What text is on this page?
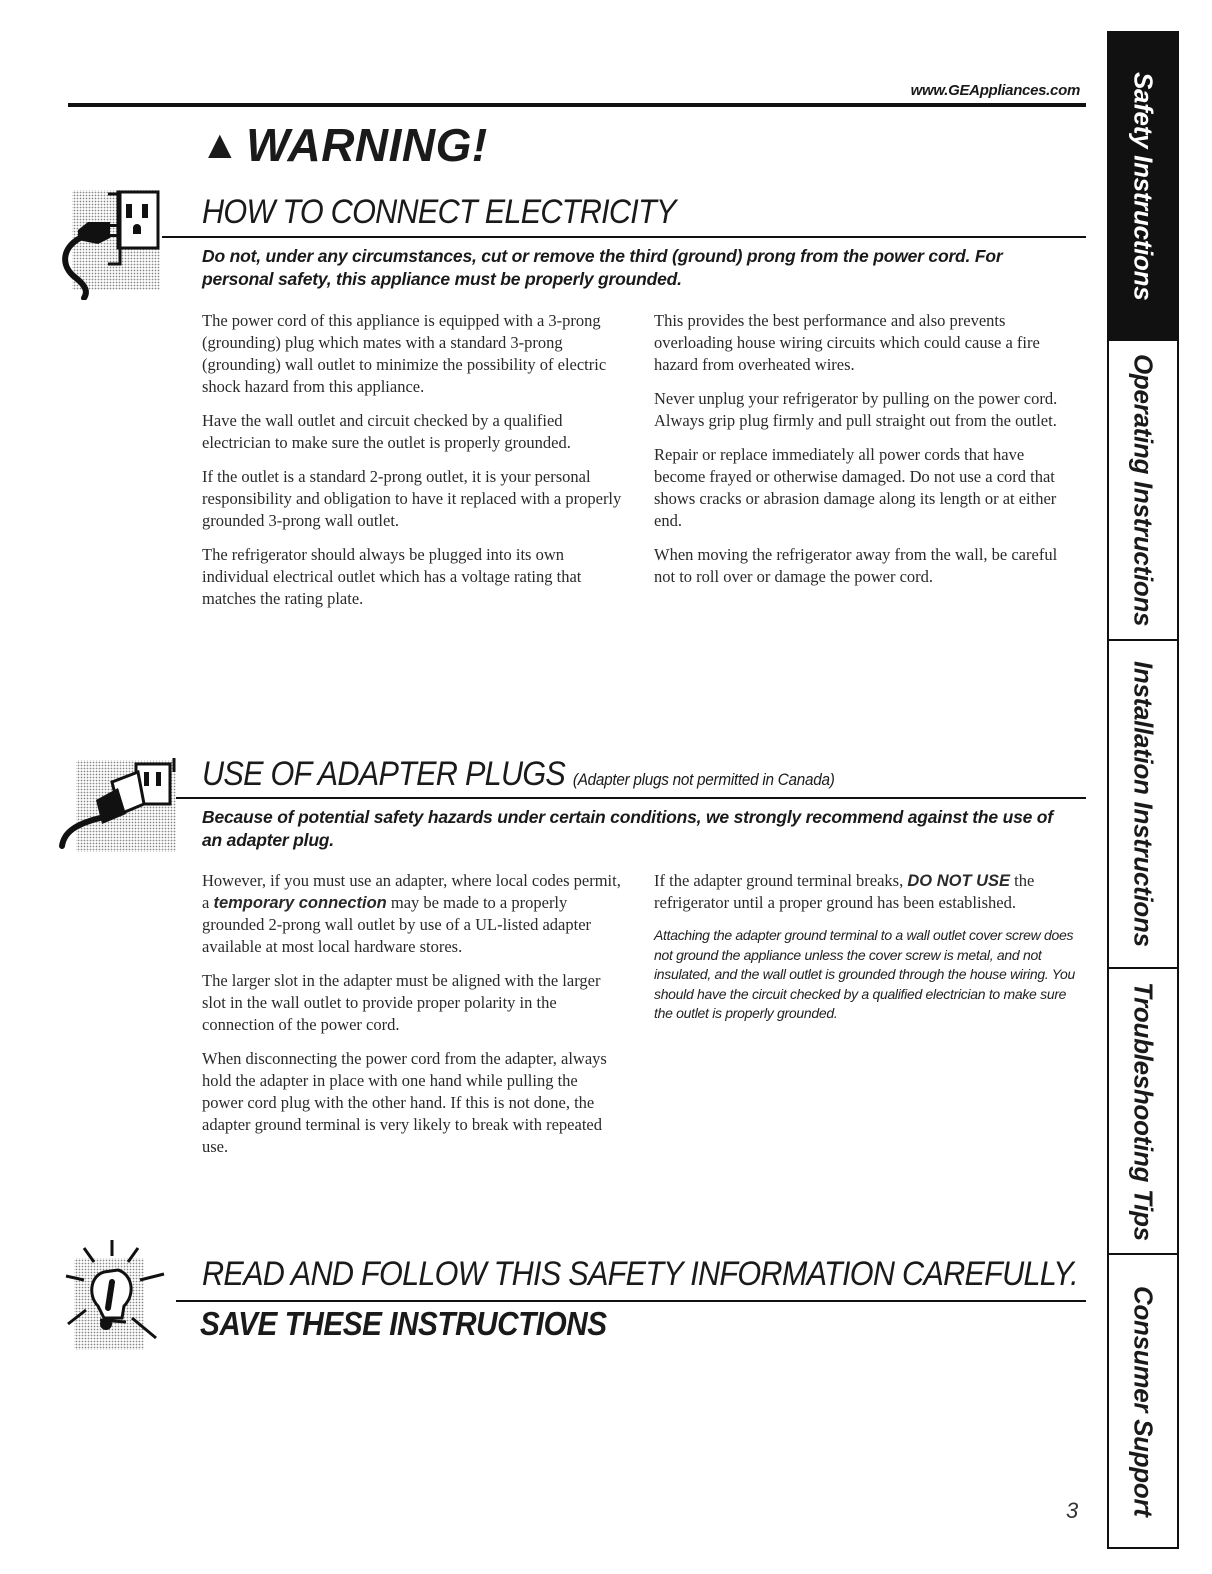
www.GEAppliances.com
▲ WARNING!
HOW TO CONNECT ELECTRICITY
Do not, under any circumstances, cut or remove the third (ground) prong from the power cord. For personal safety, this appliance must be properly grounded.

The power cord of this appliance is equipped with a 3-prong (grounding) plug which mates with a standard 3-prong (grounding) wall outlet to minimize the possibility of electric shock hazard from this appliance.

Have the wall outlet and circuit checked by a qualified electrician to make sure the outlet is properly grounded.

If the outlet is a standard 2-prong outlet, it is your personal responsibility and obligation to have it replaced with a properly grounded 3-prong wall outlet.

The refrigerator should always be plugged into its own individual electrical outlet which has a voltage rating that matches the rating plate.

This provides the best performance and also prevents overloading house wiring circuits which could cause a fire hazard from overheated wires.

Never unplug your refrigerator by pulling on the power cord. Always grip plug firmly and pull straight out from the outlet.

Repair or replace immediately all power cords that have become frayed or otherwise damaged. Do not use a cord that shows cracks or abrasion damage along its length or at either end.

When moving the refrigerator away from the wall, be careful not to roll over or damage the power cord.

USE OF ADAPTER PLUGS (Adapter plugs not permitted in Canada)
Because of potential safety hazards under certain conditions, we strongly recommend against the use of an adapter plug.

However, if you must use an adapter, where local codes permit, a temporary connection may be made to a properly grounded 2-prong wall outlet by use of a UL-listed adapter available at most local hardware stores.

The larger slot in the adapter must be aligned with the larger slot in the wall outlet to provide proper polarity in the connection of the power cord.

When disconnecting the power cord from the adapter, always hold the adapter in place with one hand while pulling the power cord plug with the other hand. If this is not done, the adapter ground terminal is very likely to break with repeated use.

If the adapter ground terminal breaks, DO NOT USE the refrigerator until a proper ground has been established.

Attaching the adapter ground terminal to a wall outlet cover screw does not ground the appliance unless the cover screw is metal, and not insulated, and the wall outlet is grounded through the house wiring. You should have the circuit checked by a qualified electrician to make sure the outlet is properly grounded.

READ AND FOLLOW THIS SAFETY INFORMATION CAREFULLY.
SAVE THESE INSTRUCTIONS
Safety Instructions
Operating Instructions
Installation Instructions
Troubleshooting Tips
Consumer Support
3
